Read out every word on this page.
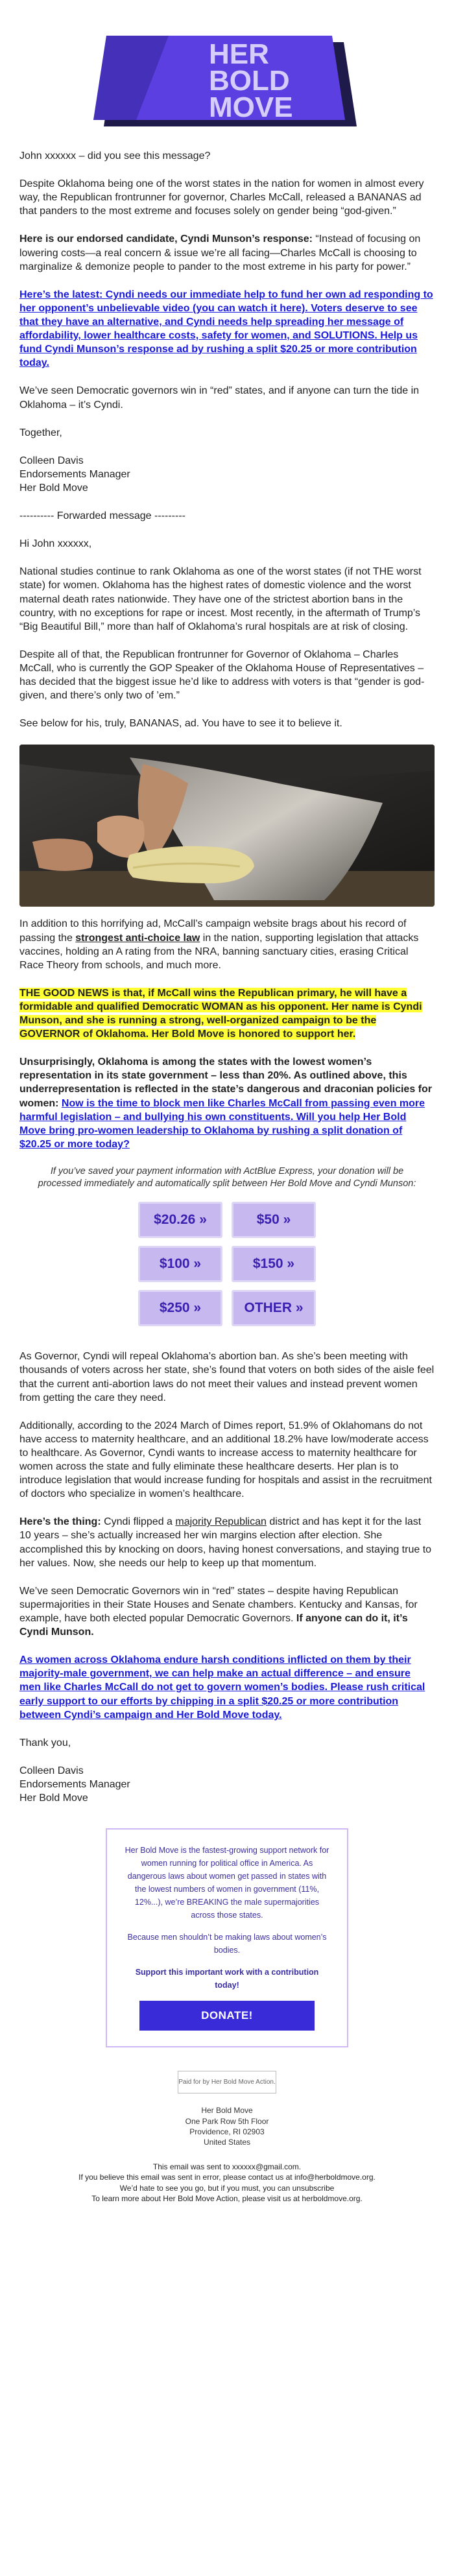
HER
BOLD
MOVE

John xxxxxx – did you see this message?

Despite Oklahoma being one of the worst states in the nation for women in almost every way, the Republican frontrunner for governor, Charles McCall, released a BANANAS ad that panders to the most extreme and focuses solely on gender being “god-given.”

Here is our endorsed candidate, Cyndi Munson’s response: “Instead of focusing on lowering costs—a real concern & issue we’re all facing—Charles McCall is choosing to marginalize & demonize people to pander to the most extreme in his party for power.”

Here’s the latest: Cyndi needs our immediate help to fund her own ad responding to her opponent’s unbelievable video (you can watch it here). Voters deserve to see that they have an alternative, and Cyndi needs help spreading her message of affordability, lower healthcare costs, safety for women, and SOLUTIONS. Help us fund Cyndi Munson’s response ad by rushing a split $20.25 or more contribution today.

We’ve seen Democratic governors win in “red” states, and if anyone can turn the tide in Oklahoma – it’s Cyndi.

Together,

Colleen Davis
Endorsements Manager
Her Bold Move

---------- Forwarded message ---------

Hi John xxxxxx,

National studies continue to rank Oklahoma as one of the worst states (if not THE worst state) for women. Oklahoma has the highest rates of domestic violence and the worst maternal death rates nationwide. They have one of the strictest abortion bans in the country, with no exceptions for rape or incest. Most recently, in the aftermath of Trump’s “Big Beautiful Bill,” more than half of Oklahoma’s rural hospitals are at risk of closing.

Despite all of that, the Republican frontrunner for Governor of Oklahoma – Charles McCall, who is currently the GOP Speaker of the Oklahoma House of Representatives – has decided that the biggest issue he’d like to address with voters is that “gender is god-given, and there’s only two of ’em.”

See below for his, truly, BANANAS, ad. You have to see it to believe it.

In addition to this horrifying ad, McCall’s campaign website brags about his record of passing the strongest anti-choice law in the nation, supporting legislation that attacks vaccines, holding an A rating from the NRA, banning sanctuary cities, erasing Critical Race Theory from schools, and much more.

THE GOOD NEWS is that, if McCall wins the Republican primary, he will have a formidable and qualified Democratic WOMAN as his opponent. Her name is Cyndi Munson, and she is running a strong, well-organized campaign to be the GOVERNOR of Oklahoma. Her Bold Move is honored to support her.

Unsurprisingly, Oklahoma is among the states with the lowest women’s representation in its state government – less than 20%. As outlined above, this underrepresentation is reflected in the state’s dangerous and draconian policies for women: Now is the time to block men like Charles McCall from passing even more harmful legislation – and bullying his own constituents. Will you help Her Bold Move bring pro-women leadership to Oklahoma by rushing a split donation of $20.25 or more today?

If you’ve saved your payment information with ActBlue Express, your donation will be processed immediately and automatically split between Her Bold Move and Cyndi Munson:

$20.26 »	$50 »
$100 »	$150 »
$250 »	OTHER »

As Governor, Cyndi will repeal Oklahoma’s abortion ban. As she’s been meeting with thousands of voters across her state, she’s found that voters on both sides of the aisle feel that the current anti-abortion laws do not meet their values and instead prevent women from getting the care they need.

Additionally, according to the 2024 March of Dimes report, 51.9% of Oklahomans do not have access to maternity healthcare, and an additional 18.2% have low/moderate access to healthcare. As Governor, Cyndi wants to increase access to maternity healthcare for women across the state and fully eliminate these healthcare deserts. Her plan is to introduce legislation that would increase funding for hospitals and assist in the recruitment of doctors who specialize in women’s healthcare.

Here’s the thing: Cyndi flipped a majority Republican district and has kept it for the last 10 years – she’s actually increased her win margins election after election. She accomplished this by knocking on doors, having honest conversations, and staying true to her values. Now, she needs our help to keep up that momentum.

We’ve seen Democratic Governors win in “red” states – despite having Republican supermajorities in their State Houses and Senate chambers. Kentucky and Kansas, for example, have both elected popular Democratic Governors. If anyone can do it, it’s Cyndi Munson.

As women across Oklahoma endure harsh conditions inflicted on them by their majority-male government, we can help make an actual difference – and ensure men like Charles McCall do not get to govern women’s bodies. Please rush critical early support to our efforts by chipping in a split $20.25 or more contribution between Cyndi’s campaign and Her Bold Move today.

Thank you,

Colleen Davis
Endorsements Manager
Her Bold Move

Her Bold Move is the fastest-growing support network for women running for political office in America. As dangerous laws about women get passed in states with the lowest numbers of women in government (11%, 12%...), we’re BREAKING the male supermajorities across those states.

Because men shouldn’t be making laws about women’s bodies.

Support this important work with a contribution today!

DONATE!
Paid for by Her Bold Move Action.
Her Bold Move
One Park Row 5th Floor
Providence, RI 02903
United States
This email was sent to xxxxxx@gmail.com.
If you believe this email was sent in error, please contact us at info@herboldmove.org.
We’d hate to see you go, but if you must, you can unsubscribe
To learn more about Her Bold Move Action, please visit us at herboldmove.org.
